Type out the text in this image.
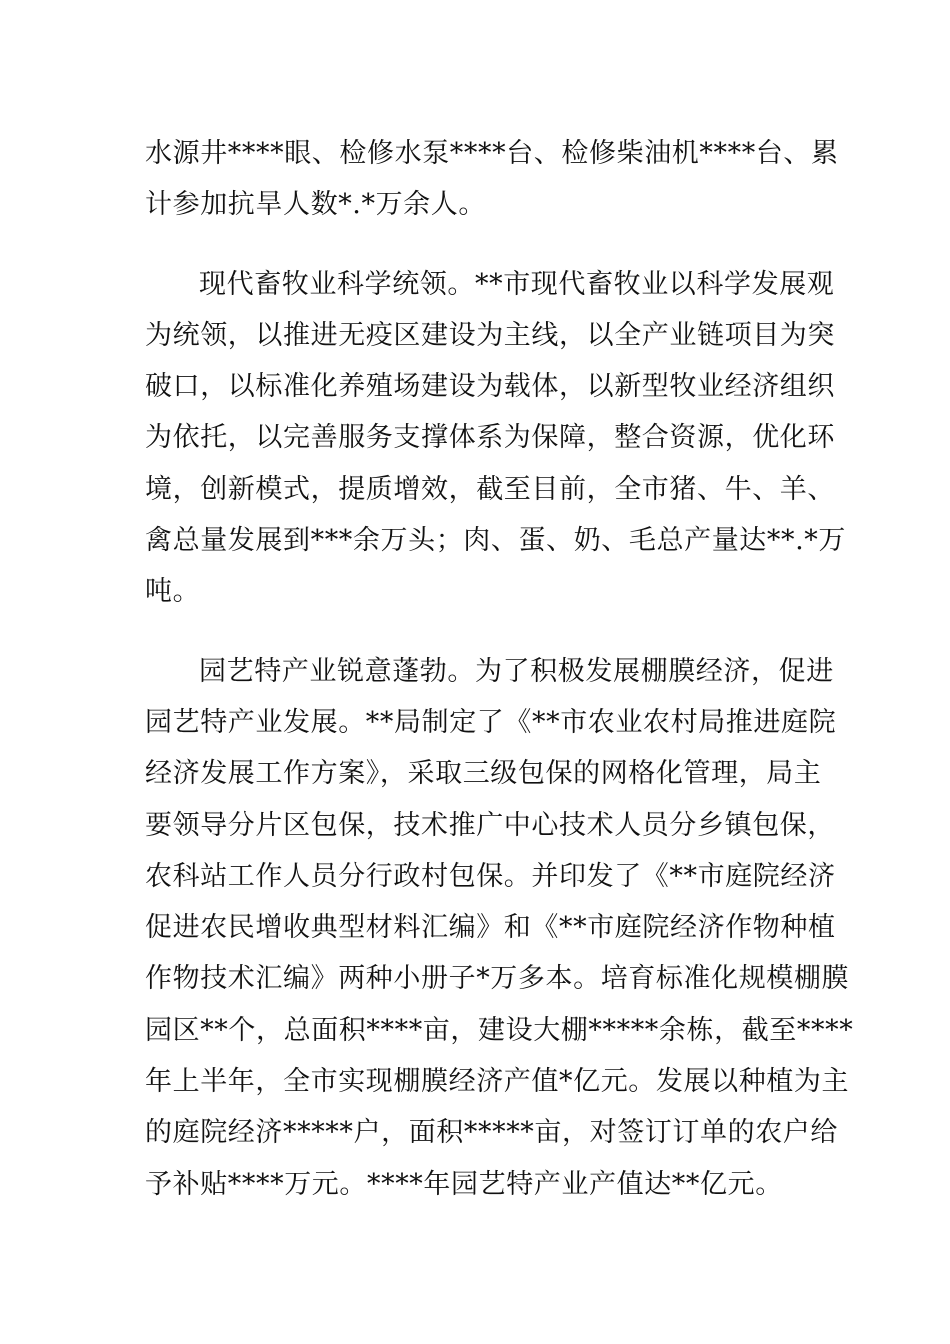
水源井****眼、检修水泵****台、检修柴油机****台、累
计参加抗旱人数*.*万余人。
现代畜牧业科学统领。**市现代畜牧业以科学发展观
为统领，以推进无疫区建设为主线，以全产业链项目为突
破口，以标准化养殖场建设为载体，以新型牧业经济组织
为依托，以完善服务支撑体系为保障，整合资源，优化环
境，创新模式，提质增效，截至目前，全市猪、牛、羊、
禽总量发展到***余万头；肉、蛋、奶、毛总产量达**.*万
吨。
园艺特产业锐意蓬勃。为了积极发展棚膜经济，促进
园艺特产业发展。**局制定了《**市农业农村局推进庭院
经济发展工作方案》，采取三级包保的网格化管理，局主
要领导分片区包保，技术推广中心技术人员分乡镇包保，
农科站工作人员分行政村包保。并印发了《**市庭院经济
促进农民增收典型材料汇编》和《**市庭院经济作物种植
作物技术汇编》两种小册子*万多本。培育标准化规模棚膜
园区**个，总面积****亩，建设大棚*****余栋，截至****
年上半年，全市实现棚膜经济产值*亿元。发展以种植为主
的庭院经济*****户，面积*****亩，对签订订单的农户给
予补贴****万元。****年园艺特产业产值达**亿元。
